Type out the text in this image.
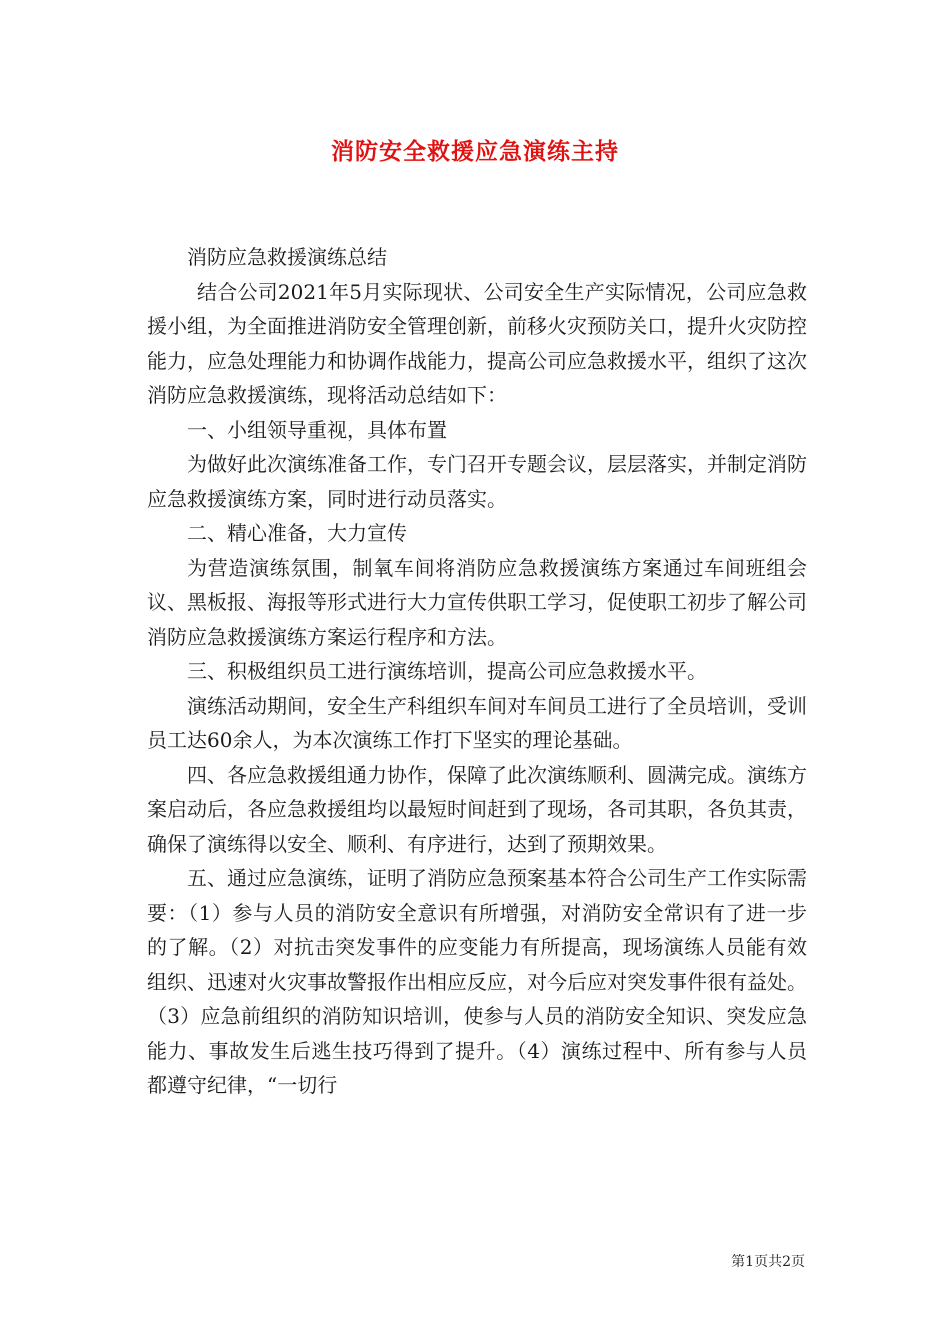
消防安全救援应急演练主持

消防应急救援演练总结

结合公司2021年5月实际现状、公司安全生产实际情况，公司应急救援小组，为全面推进消防安全管理创新，前移火灾预防关口，提升火灾防控能力，应急处理能力和协调作战能力，提高公司应急救援水平，组织了这次消防应急救援演练，现将活动总结如下：

一、小组领导重视，具体布置

为做好此次演练准备工作，专门召开专题会议，层层落实，并制定消防应急救援演练方案，同时进行动员落实。

二、精心准备，大力宣传

为营造演练氛围，制氧车间将消防应急救援演练方案通过车间班组会议、黑板报、海报等形式进行大力宣传供职工学习，促使职工初步了解公司消防应急救援演练方案运行程序和方法。

三、积极组织员工进行演练培训，提高公司应急救援水平。

演练活动期间，安全生产科组织车间对车间员工进行了全员培训，受训员工达60余人，为本次演练工作打下坚实的理论基础。

四、各应急救援组通力协作，保障了此次演练顺利、圆满完成。演练方案启动后，各应急救援组均以最短时间赶到了现场，各司其职，各负其责，确保了演练得以安全、顺利、有序进行，达到了预期效果。

五、通过应急演练，证明了消防应急预案基本符合公司生产工作实际需要：（1）参与人员的消防安全意识有所增强，对消防安全常识有了进一步的了解。（2）对抗击突发事件的应变能力有所提高，现场演练人员能有效组织、迅速对火灾事故警报作出相应反应，对今后应对突发事件很有益处。（3）应急前组织的消防知识培训，使参与人员的消防安全知识、突发应急能力、事故发生后逃生技巧得到了提升。（4）演练过程中、所有参与人员都遵守纪律，“一切行

第1页共2页
